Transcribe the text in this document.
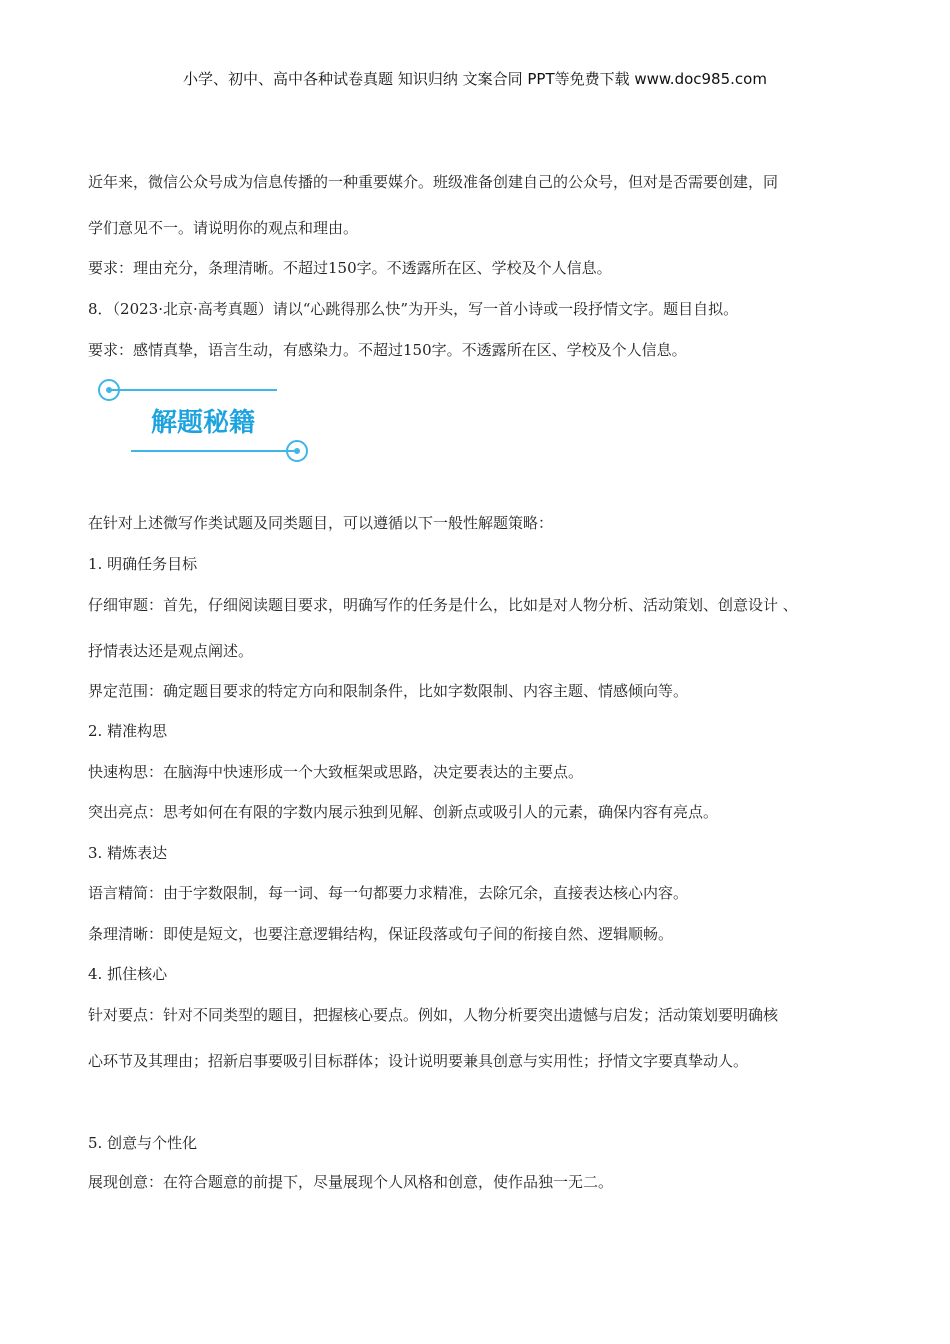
小学、初中、高中各种试卷真题 知识归纳 文案合同 PPT等免费下载 www.doc985.com
解题秘籍
近年来，微信公众号成为信息传播的一种重要媒介。班级准备创建自己的公众号，但对是否需要创建，同
学们意见不一。请说明你的观点和理由。
要求：理由充分，条理清晰。不超过150字。不透露所在区、学校及个人信息。
8．（2023·北京·高考真题）请以“心跳得那么快”为开头，写一首小诗或一段抒情文字。题目自拟。
要求：感情真挚，语言生动，有感染力。不超过150字。不透露所在区、学校及个人信息。
在针对上述微写作类试题及同类题目，可以遵循以下一般性解题策略：
1. 明确任务目标
仔细审题：首先，仔细阅读题目要求，明确写作的任务是什么，比如是对人物分析、活动策划、创意设计 、
抒情表达还是观点阐述。
界定范围：确定题目要求的特定方向和限制条件，比如字数限制、内容主题、情感倾向等。
2. 精准构思
快速构思：在脑海中快速形成一个大致框架或思路，决定要表达的主要点。
突出亮点：思考如何在有限的字数内展示独到见解、创新点或吸引人的元素，确保内容有亮点。
3. 精炼表达
语言精简：由于字数限制，每一词、每一句都要力求精准，去除冗余，直接表达核心内容。
条理清晰：即使是短文，也要注意逻辑结构，保证段落或句子间的衔接自然、逻辑顺畅。
4. 抓住核心
针对要点：针对不同类型的题目，把握核心要点。例如，人物分析要突出遗憾与启发；活动策划要明确核
心环节及其理由；招新启事要吸引目标群体；设计说明要兼具创意与实用性；抒情文字要真挚动人。
5. 创意与个性化
展现创意：在符合题意的前提下，尽量展现个人风格和创意，使作品独一无二。
